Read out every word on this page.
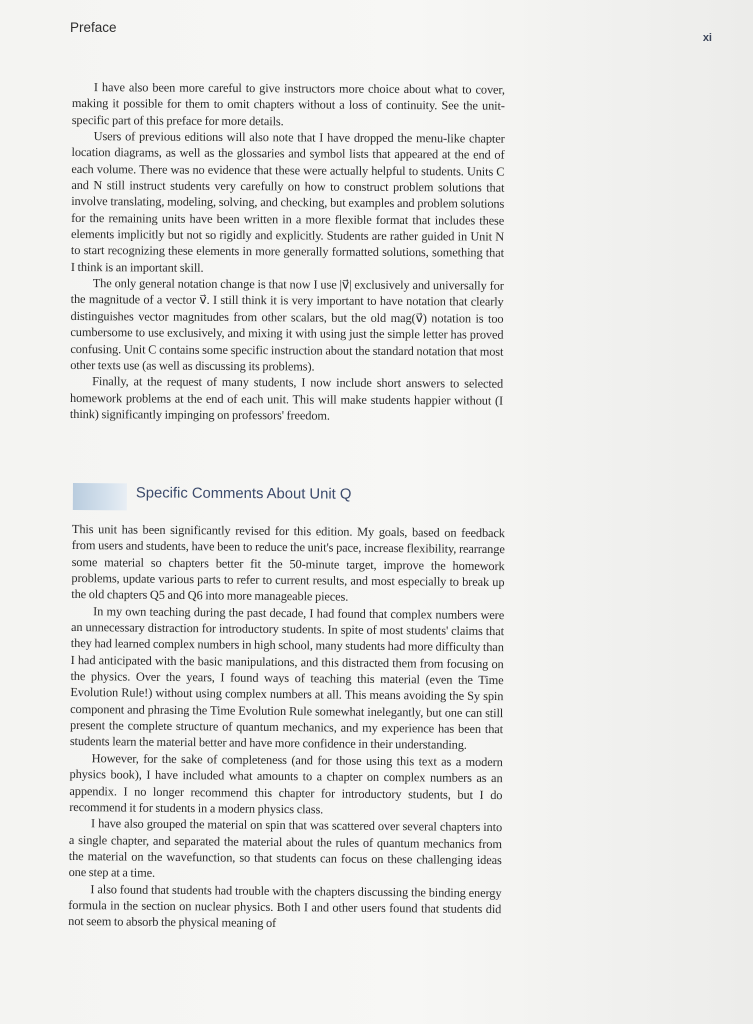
Preface
xi

I have also been more careful to give instructors more choice about what to cover, making it possible for them to omit chapters without a loss of continuity. See the unit-specific part of this preface for more details.

Users of previous editions will also note that I have dropped the menu-like chapter location diagrams, as well as the glossaries and symbol lists that appeared at the end of each volume. There was no evidence that these were actually helpful to students. Units C and N still instruct students very carefully on how to construct problem solutions that involve translating, modeling, solving, and checking, but examples and problem solutions for the remaining units have been written in a more flexible format that includes these elements implicitly but not so rigidly and explicitly. Students are rather guided in Unit N to start recognizing these elements in more generally formatted solutions, something that I think is an important skill.

The only general notation change is that now I use |v⃗| exclusively and universally for the magnitude of a vector v⃗. I still think it is very important to have notation that clearly distinguishes vector magnitudes from other scalars, but the old mag(v⃗) notation is too cumbersome to use exclusively, and mixing it with using just the simple letter has proved confusing. Unit C contains some specific instruction about the standard notation that most other texts use (as well as discussing its problems).

Finally, at the request of many students, I now include short answers to selected homework problems at the end of each unit. This will make students happier without (I think) significantly impinging on professors' freedom.

Specific Comments About Unit Q

This unit has been significantly revised for this edition. My goals, based on feedback from users and students, have been to reduce the unit's pace, increase flexibility, rearrange some material so chapters better fit the 50-minute target, improve the homework problems, update various parts to refer to current results, and most especially to break up the old chapters Q5 and Q6 into more manageable pieces.

In my own teaching during the past decade, I had found that complex numbers were an unnecessary distraction for introductory students. In spite of most students' claims that they had learned complex numbers in high school, many students had more difficulty than I had anticipated with the basic manipulations, and this distracted them from focusing on the physics. Over the years, I found ways of teaching this material (even the Time Evolution Rule!) without using complex numbers at all. This means avoiding the Sy spin component and phrasing the Time Evolution Rule somewhat inelegantly, but one can still present the complete structure of quantum mechanics, and my experience has been that students learn the material better and have more confidence in their understanding.

However, for the sake of completeness (and for those using this text as a modern physics book), I have included what amounts to a chapter on complex numbers as an appendix. I no longer recommend this chapter for introductory students, but I do recommend it for students in a modern physics class.

I have also grouped the material on spin that was scattered over several chapters into a single chapter, and separated the material about the rules of quantum mechanics from the material on the wavefunction, so that students can focus on these challenging ideas one step at a time.

I also found that students had trouble with the chapters discussing the binding energy formula in the section on nuclear physics. Both I and other users found that students did not seem to absorb the physical meaning of
